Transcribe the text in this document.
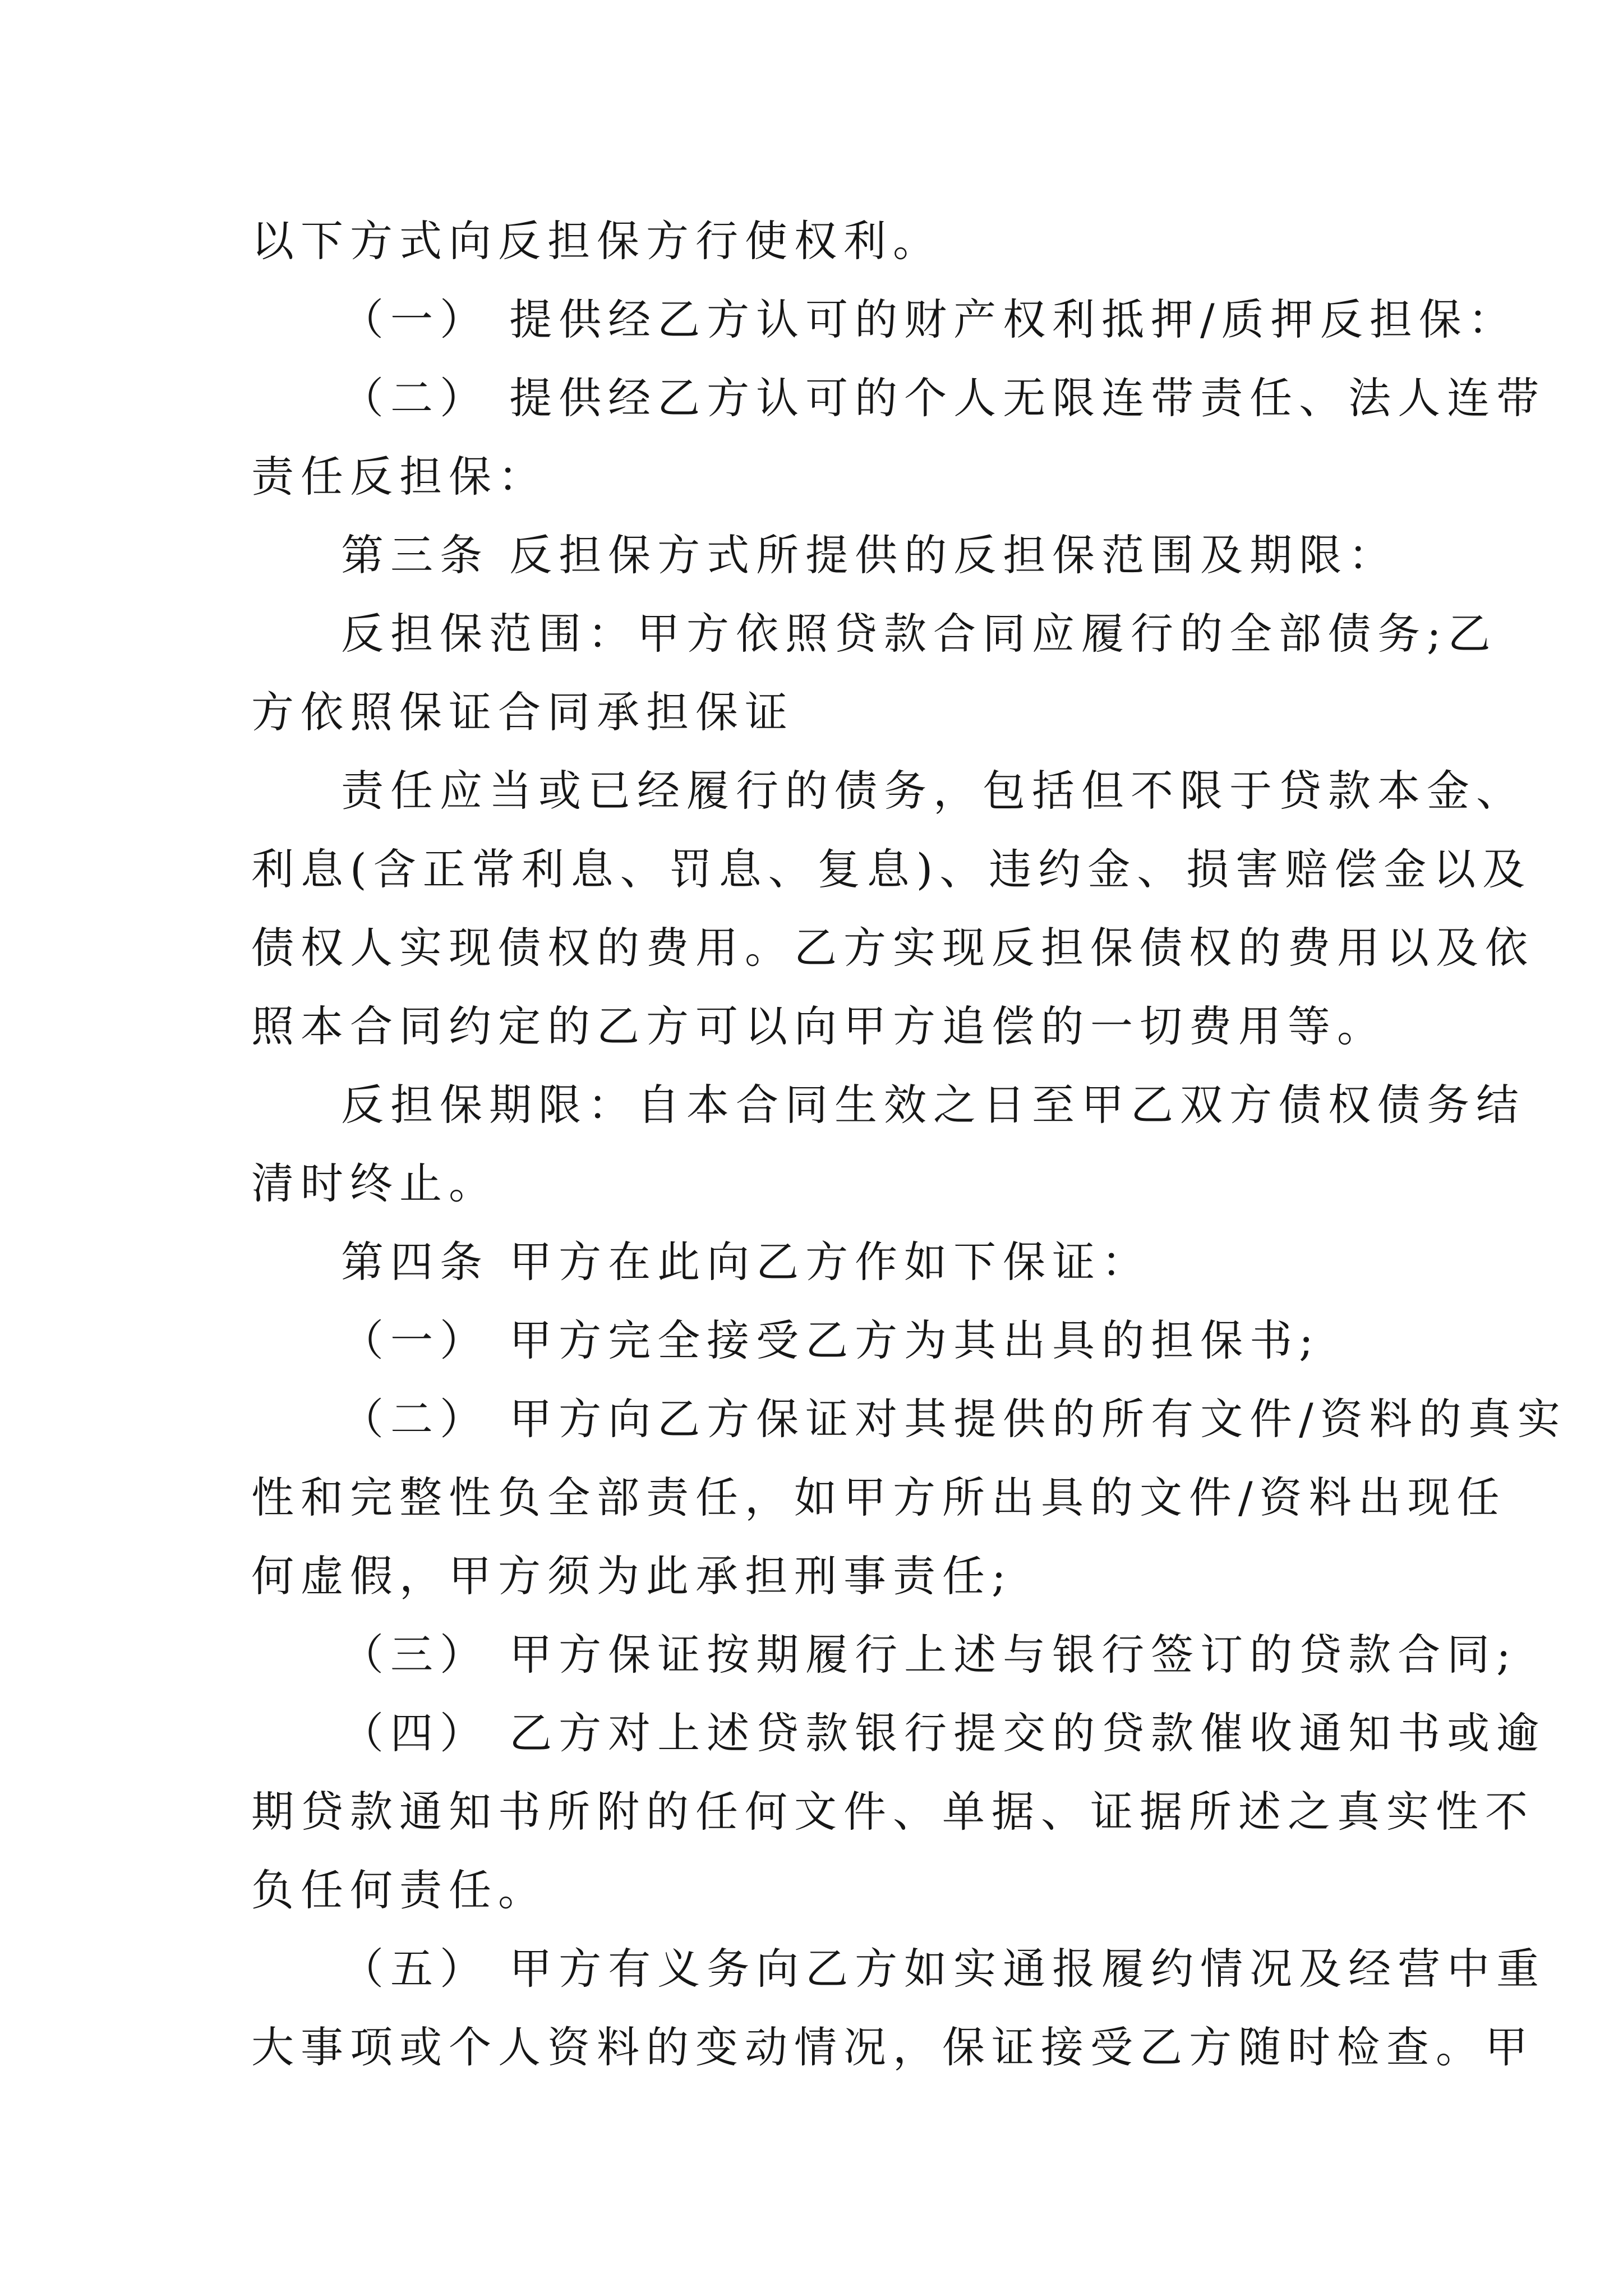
以下方式向反担保方行使权利。

（一） 提供经乙方认可的财产权利抵押/质押反担保：

（二） 提供经乙方认可的个人无限连带责任、法人连带

责任反担保：

第三条 反担保方式所提供的反担保范围及期限：

反担保范围：甲方依照贷款合同应履行的全部债务;乙

方依照保证合同承担保证

责任应当或已经履行的债务，包括但不限于贷款本金、

利息(含正常利息、罚息、复息)、违约金、损害赔偿金以及

债权人实现债权的费用。乙方实现反担保债权的费用以及依

照本合同约定的乙方可以向甲方追偿的一切费用等。

反担保期限：自本合同生效之日至甲乙双方债权债务结

清时终止。

第四条 甲方在此向乙方作如下保证：

（一） 甲方完全接受乙方为其出具的担保书;

（二） 甲方向乙方保证对其提供的所有文件/资料的真实

性和完整性负全部责任，如甲方所出具的文件/资料出现任

何虚假，甲方须为此承担刑事责任;

（三） 甲方保证按期履行上述与银行签订的贷款合同;

（四） 乙方对上述贷款银行提交的贷款催收通知书或逾

期贷款通知书所附的任何文件、单据、证据所述之真实性不

负任何责任。

（五） 甲方有义务向乙方如实通报履约情况及经营中重

大事项或个人资料的变动情况，保证接受乙方随时检查。甲
